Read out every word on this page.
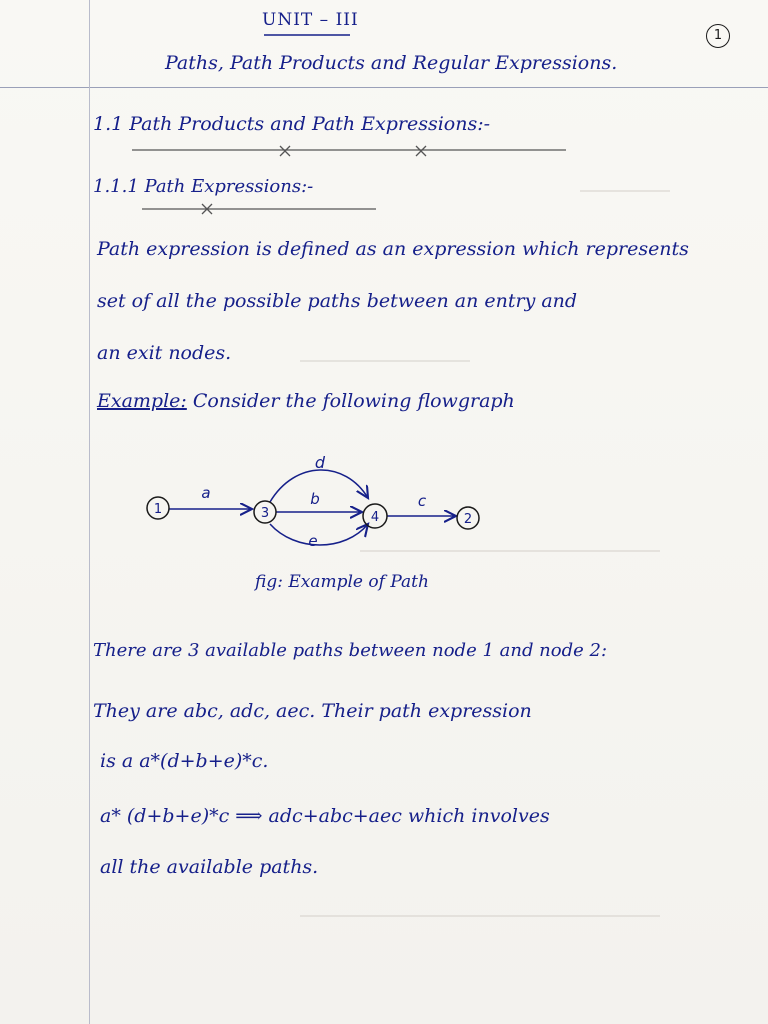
UNIT – III
1
Paths, Path Products and Regular Expressions.
1.1 Path Products and Path Expressions:-
1.1.1 Path Expressions:-
Path expression is defined as an expression which represents
set of all the possible paths between an entry and
an exit nodes.
Example: Consider the following flowgraph
1	3	4	2
a
d
b
e
c
fig: Example of Path
There are 3 available paths between node 1 and node 2:
They are abc, adc, aec. Their path expression
is a a*(d+b+e)*c.
a* (d+b+e)*c ⟹ adc+abc+aec which involves
all the available paths.
